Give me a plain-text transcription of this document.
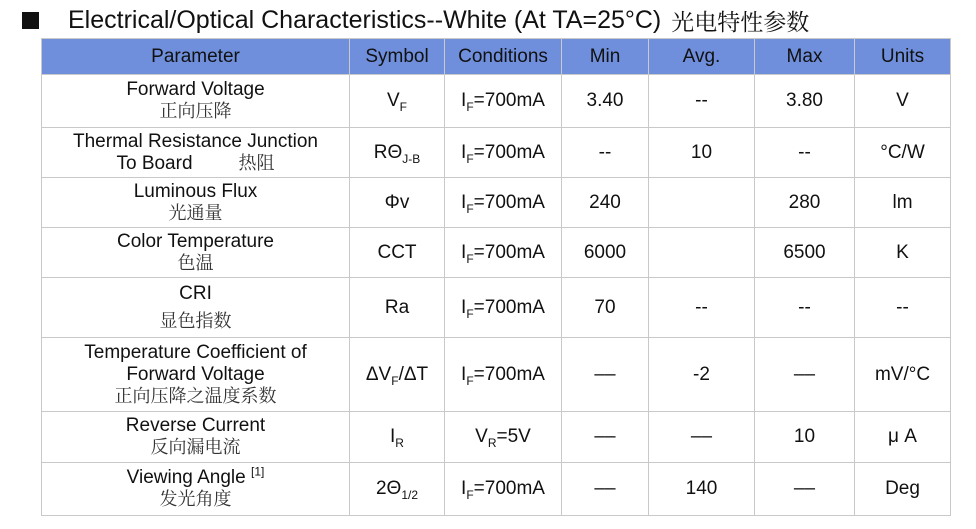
Electrical/Optical Characteristics--White (At TA=25°C) 光电特性参数
Parameter	Symbol	Conditions	Min	Avg.	Max	Units

Forward Voltage
正向压降	$V_F$	$I_F=700mA$	3.40	--	3.80	V

Thermal Resistance Junction
To Board 热阻	$R\Theta_{J-B}$	$I_F=700mA$	--	10	--	°C/W

Luminous Flux
光通量	Φv	$I_F=700mA$	240		280	lm

Color Temperature
色温	CCT	$I_F=700mA$	6000		6500	K

CRI
显色指数	Ra	$I_F=700mA$	70	--	--	--

Temperature Coefficient of
Forward Voltage
正向压降之温度系数	$\Delta V_F/\Delta T$	$I_F=700mA$	––	-2	––	mV/°C

Reverse Current
反向漏电流	$I_R$	$V_R=5V$	––	––	10	μ A

Viewing Angle [1]
发光角度	$2\Theta_{1/2}$	$I_F=700mA$	––	140	––	Deg
